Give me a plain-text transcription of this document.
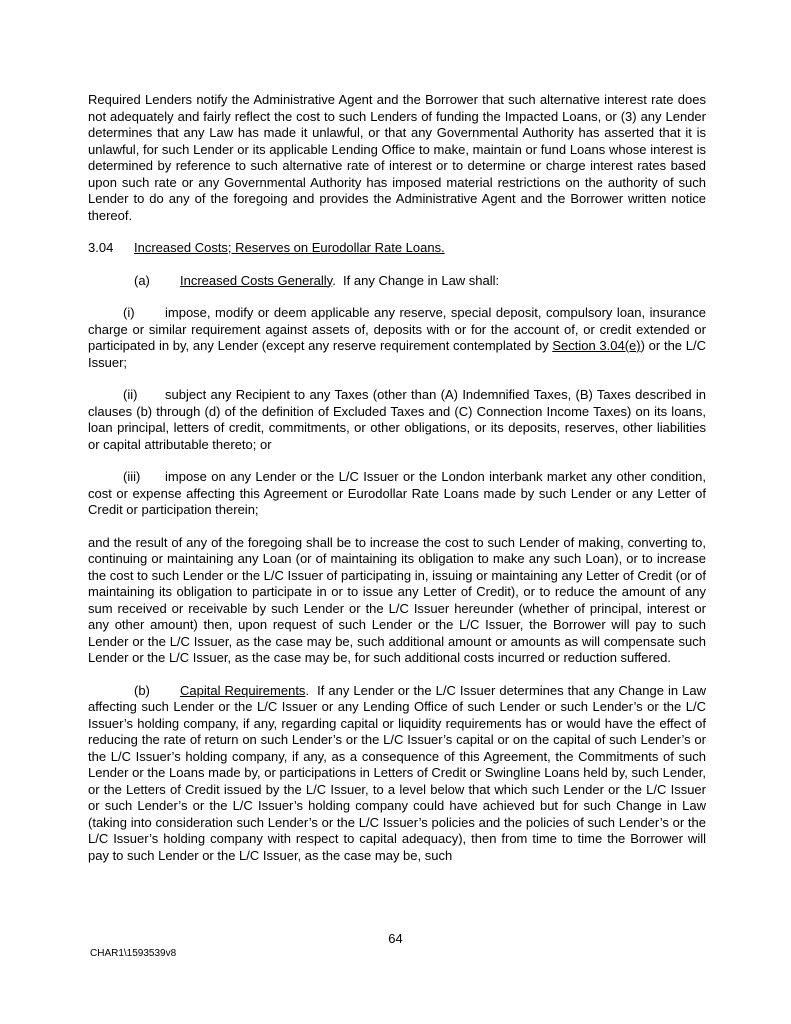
Required Lenders notify the Administrative Agent and the Borrower that such alternative interest rate does not adequately and fairly reflect the cost to such Lenders of funding the Impacted Loans, or (3) any Lender determines that any Law has made it unlawful, or that any Governmental Authority has asserted that it is unlawful, for such Lender or its applicable Lending Office to make, maintain or fund Loans whose interest is determined by reference to such alternative rate of interest or to determine or charge interest rates based upon such rate or any Governmental Authority has imposed material restrictions on the authority of such Lender to do any of the foregoing and provides the Administrative Agent and the Borrower written notice thereof.

3.04 Increased Costs; Reserves on Eurodollar Rate Loans.

(a) Increased Costs Generally.  If any Change in Law shall:

(i) impose, modify or deem applicable any reserve, special deposit, compulsory loan, insurance charge or similar requirement against assets of, deposits with or for the account of, or credit extended or participated in by, any Lender (except any reserve requirement contemplated by Section 3.04(e)) or the L/C Issuer;

(ii) subject any Recipient to any Taxes (other than (A) Indemnified Taxes, (B) Taxes described in clauses (b) through (d) of the definition of Excluded Taxes and (C) Connection Income Taxes) on its loans, loan principal, letters of credit, commitments, or other obligations, or its deposits, reserves, other liabilities or capital attributable thereto; or

(iii) impose on any Lender or the L/C Issuer or the London interbank market any other condition, cost or expense affecting this Agreement or Eurodollar Rate Loans made by such Lender or any Letter of Credit or participation therein;

and the result of any of the foregoing shall be to increase the cost to such Lender of making, converting to, continuing or maintaining any Loan (or of maintaining its obligation to make any such Loan), or to increase the cost to such Lender or the L/C Issuer of participating in, issuing or maintaining any Letter of Credit (or of maintaining its obligation to participate in or to issue any Letter of Credit), or to reduce the amount of any sum received or receivable by such Lender or the L/C Issuer hereunder (whether of principal, interest or any other amount) then, upon request of such Lender or the L/C Issuer, the Borrower will pay to such Lender or the L/C Issuer, as the case may be, such additional amount or amounts as will compensate such Lender or the L/C Issuer, as the case may be, for such additional costs incurred or reduction suffered.

(b) Capital Requirements.  If any Lender or the L/C Issuer determines that any Change in Law affecting such Lender or the L/C Issuer or any Lending Office of such Lender or such Lender’s or the L/C Issuer’s holding company, if any, regarding capital or liquidity requirements has or would have the effect of reducing the rate of return on such Lender’s or the L/C Issuer’s capital or on the capital of such Lender’s or the L/C Issuer’s holding company, if any, as a consequence of this Agreement, the Commitments of such Lender or the Loans made by, or participations in Letters of Credit or Swingline Loans held by, such Lender, or the Letters of Credit issued by the L/C Issuer, to a level below that which such Lender or the L/C Issuer or such Lender’s or the L/C Issuer’s holding company could have achieved but for such Change in Law (taking into consideration such Lender’s or the L/C Issuer’s policies and the policies of such Lender’s or the L/C Issuer’s holding company with respect to capital adequacy), then from time to time the Borrower will pay to such Lender or the L/C Issuer, as the case may be, such

64
CHAR1\1593539v8
